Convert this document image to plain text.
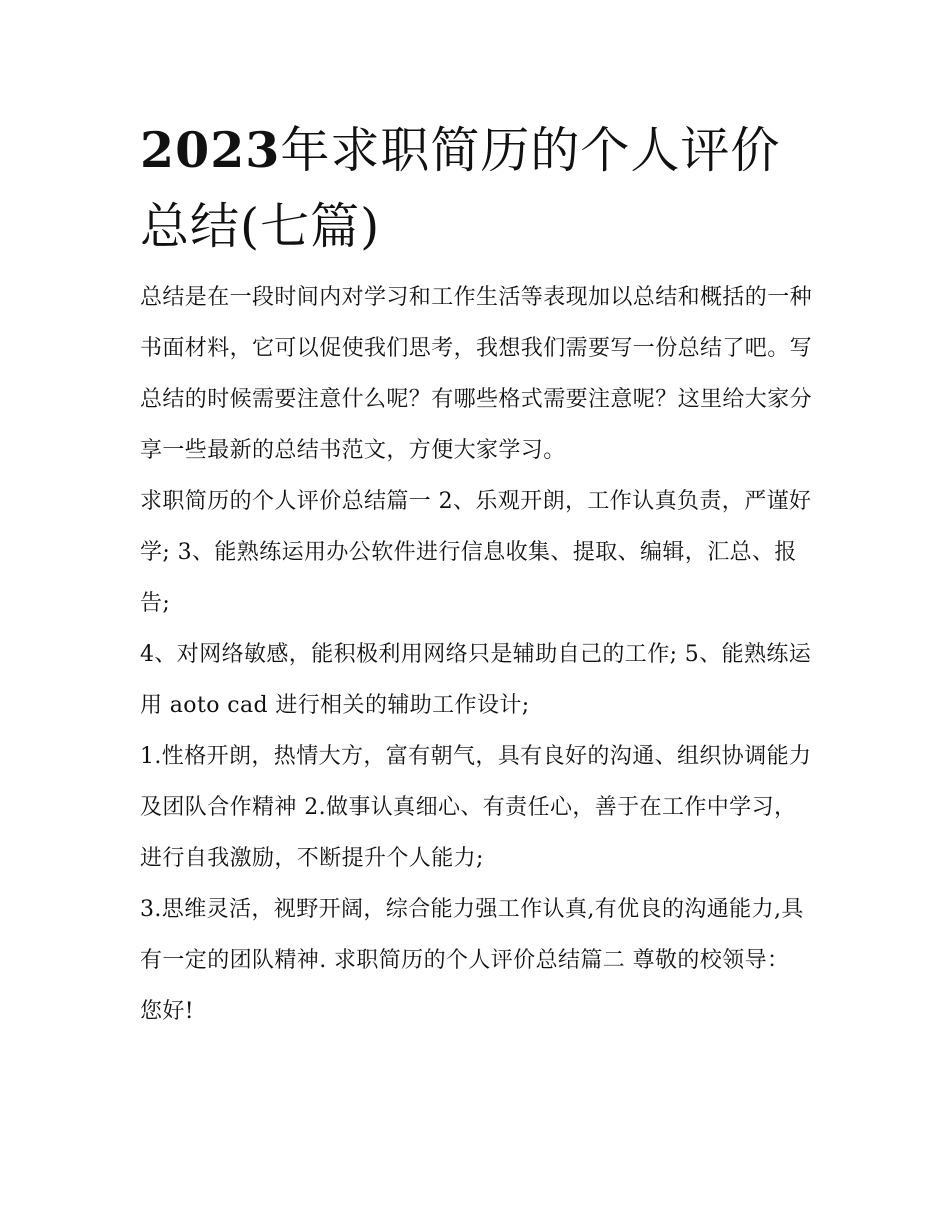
2023年求职简历的个人评价总结(七篇)

总结是在一段时间内对学习和工作生活等表现加以总结和概括的一种书面材料，它可以促使我们思考，我想我们需要写一份总结了吧。写总结的时候需要注意什么呢？有哪些格式需要注意呢？这里给大家分享一些最新的总结书范文，方便大家学习。

求职简历的个人评价总结篇一 2、乐观开朗，工作认真负责，严谨好学; 3、能熟练运用办公软件进行信息收集、提取、编辑，汇总、报告;

4、对网络敏感，能积极利用网络只是辅助自己的工作; 5、能熟练运用 aoto cad 进行相关的辅助工作设计;

1.性格开朗，热情大方，富有朝气，具有良好的沟通、组织协调能力及团队合作精神 2.做事认真细心、有责任心，善于在工作中学习，进行自我激励，不断提升个人能力;

3.思维灵活，视野开阔，综合能力强工作认真,有优良的沟通能力,具有一定的团队精神. 求职简历的个人评价总结篇二 尊敬的校领导： 您好!
